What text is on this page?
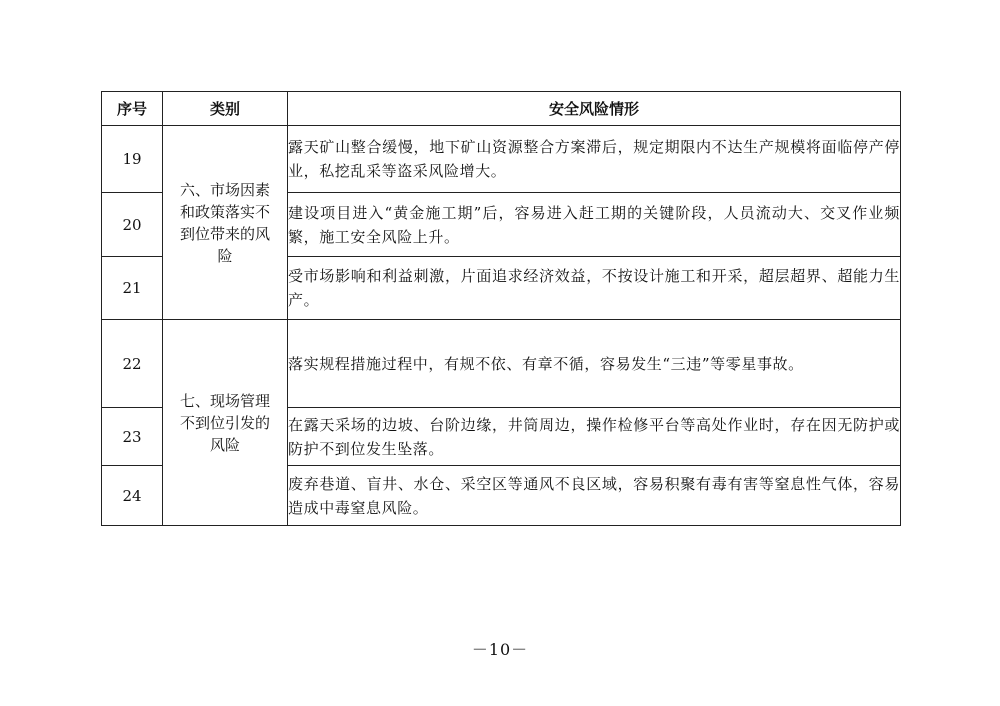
序号	类别	安全风险情形
19	六、市场因素和政策落实不到位带来的风险	露天矿山整合缓慢，地下矿山资源整合方案滞后，规定期限内不达生产规模将面临停产停业，私挖乱采等盗采风险增大。
20		建设项目进入“黄金施工期”后，容易进入赶工期的关键阶段，人员流动大、交叉作业频繁，施工安全风险上升。
21		受市场影响和利益刺激，片面追求经济效益，不按设计施工和开采，超层超界、超能力生产。
22	七、现场管理不到位引发的风险	落实规程措施过程中，有规不依、有章不循，容易发生“三违”等零星事故。
23		在露天采场的边坡、台阶边缘，井筒周边，操作检修平台等高处作业时，存在因无防护或防护不到位发生坠落。
24		废弃巷道、盲井、水仓、采空区等通风不良区域，容易积聚有毒有害等窒息性气体，容易造成中毒窒息风险。
－10－
